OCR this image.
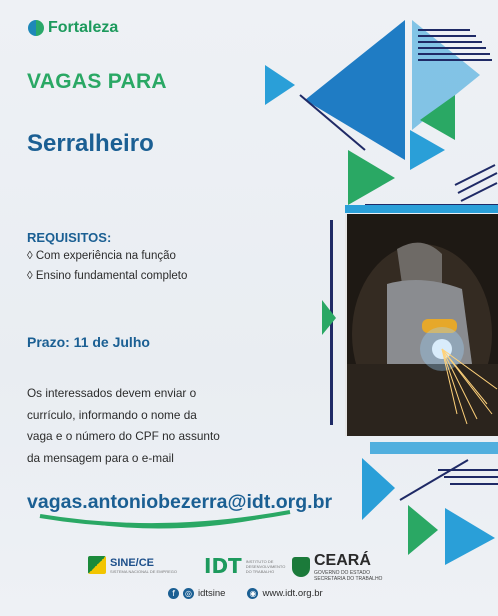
Fortaleza
VAGAS PARA
Serralheiro
REQUISITOS:
◊ Com experiência na função
◊ Ensino fundamental completo
Prazo: 11 de Julho
Os interessados devem enviar o
currículo, informando o nome da
vaga e o número do CPF no assunto
da mensagem para o e-mail
vagas.antoniobezerra@idt.org.br
SINE/CE
SISTEMA NACIONAL DE EMPREGO IDT INSTITUTO DE DESENVOLVIMENTO DO TRABALHO
CEARÁ
GOVERNO DO ESTADO
SECRETARIA DO TRABALHO
f	◎ idtsine	◉ www.idt.org.br
